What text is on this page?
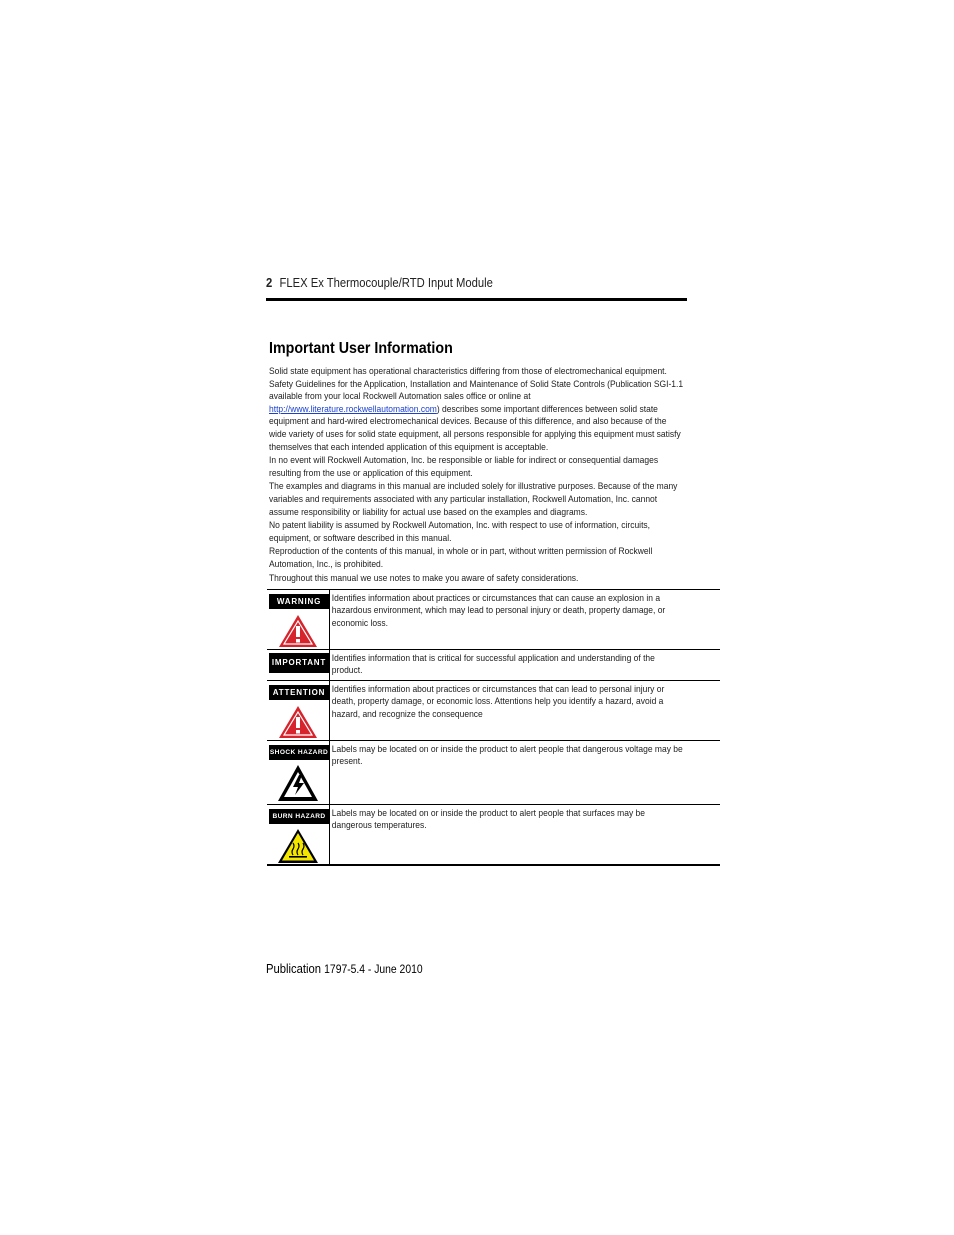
2 FLEX Ex Thermocouple/RTD Input Module
Important User Information

Solid state equipment has operational characteristics differing from those of electromechanical equipment. Safety Guidelines for the Application, Installation and Maintenance of Solid State Controls (Publication SGI-1.1 available from your local Rockwell Automation sales office or online at http://www.literature.rockwellautomation.com) describes some important differences between solid state equipment and hard-wired electromechanical devices. Because of this difference, and also because of the wide variety of uses for solid state equipment, all persons responsible for applying this equipment must satisfy themselves that each intended application of this equipment is acceptable.

In no event will Rockwell Automation, Inc. be responsible or liable for indirect or consequential damages resulting from the use or application of this equipment.

The examples and diagrams in this manual are included solely for illustrative purposes. Because of the many variables and requirements associated with any particular installation, Rockwell Automation, Inc. cannot assume responsibility or liability for actual use based on the examples and diagrams.

No patent liability is assumed by Rockwell Automation, Inc. with respect to use of information, circuits, equipment, or software described in this manual.

Reproduction of the contents of this manual, in whole or in part, without written permission of Rockwell Automation, Inc., is prohibited.

Throughout this manual we use notes to make you aware of safety considerations.

WARNING	Identifies information about practices or circumstances that can cause an explosion in a hazardous environment, which may lead to personal injury or death, property damage, or economic loss.

IMPORTANT	Identifies information that is critical for successful application and understanding of the product.

ATTENTION	Identifies information about practices or circumstances that can lead to personal injury or death, property damage, or economic loss. Attentions help you identify a hazard, avoid a hazard, and recognize the consequence

SHOCK HAZARD	Labels may be located on or inside the product to alert people that dangerous voltage may be present.

BURN HAZARD	Labels may be located on or inside the product to alert people that surfaces may be dangerous temperatures.
Publication 1797-5.4 - June 2010
